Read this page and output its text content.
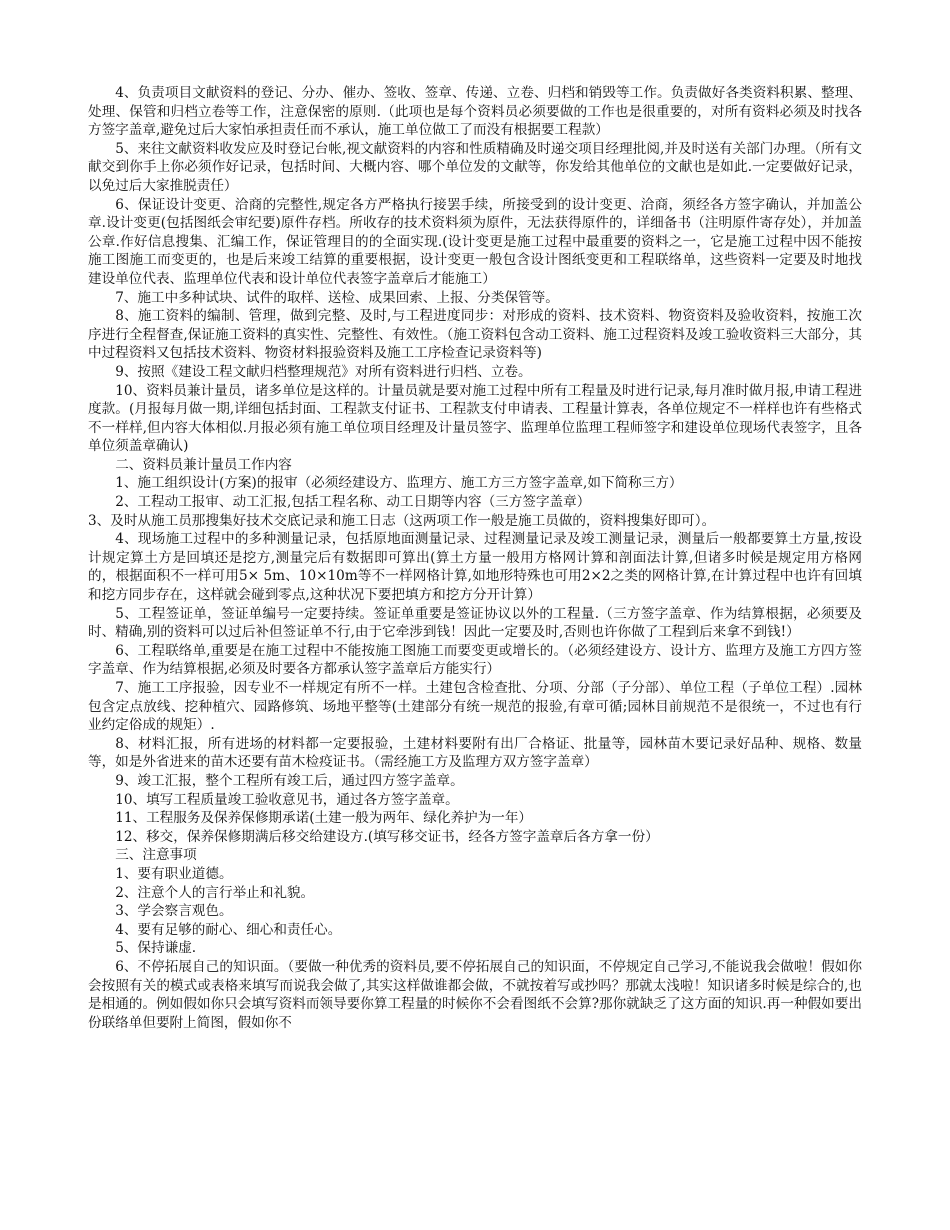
4、负责项目文献资料的登记、分办、催办、签收、签章、传递、立卷、归档和销毁等工作。负责做好各类资料积累、整理、处理、保管和归档立卷等工作，注意保密的原则.（此项也是每个资料员必须要做的工作也是很重要的，对所有资料必须及时找各方签字盖章,避免过后大家怕承担责任而不承认，施工单位做工了而没有根据要工程款）

5、来往文献资料收发应及时登记台帐,视文献资料的内容和性质精确及时递交项目经理批阅,并及时送有关部门办理。（所有文献交到你手上你必须作好记录，包括时间、大概内容、哪个单位发的文献等，你发给其他单位的文献也是如此.一定要做好记录，以免过后大家推脱责任）

6、保证设计变更、洽商的完整性,规定各方严格执行接罢手续，所接受到的设计变更、洽商，须经各方签字确认，并加盖公章.设计变更(包括图纸会审纪要)原件存档。所收存的技术资料须为原件，无法获得原件的，详细备书（注明原件寄存处），并加盖公章.作好信息搜集、汇编工作，保证管理目的的全面实现.(设计变更是施工过程中最重要的资料之一，它是施工过程中因不能按施工图施工而变更的，也是后来竣工结算的重要根据，设计变更一般包含设计图纸变更和工程联络单，这些资料一定要及时地找建设单位代表、监理单位代表和设计单位代表签字盖章后才能施工）

7、施工中多种试块、试件的取样、送检、成果回索、上报、分类保管等。

8、施工资料的编制、管理，做到完整、及时,与工程进度同步：对形成的资料、技术资料、物资资料及验收资料，按施工次序进行全程督查,保证施工资料的真实性、完整性、有效性。（施工资料包含动工资料、施工过程资料及竣工验收资料三大部分，其中过程资料又包括技术资料、物资材料报验资料及施工工序检查记录资料等)

9、按照《建设工程文献归档整理规范》对所有资料进行归档、立卷。

10、资料员兼计量员，诸多单位是这样的。计量员就是要对施工过程中所有工程量及时进行记录,每月准时做月报,申请工程进度款。(月报每月做一期,详细包括封面、工程款支付证书、工程款支付申请表、工程量计算表，各单位规定不一样样也许有些格式不一样样,但内容大体相似.月报必须有施工单位项目经理及计量员签字、监理单位监理工程师签字和建设单位现场代表签字，且各单位须盖章确认)

二、资料员兼计量员工作内容

1、施工组织设计(方案)的报审（必须经建设方、监理方、施工方三方签字盖章,如下简称三方）

2、工程动工报审、动工汇报,包括工程名称、动工日期等内容（三方签字盖章）

3、及时从施工员那搜集好技术交底记录和施工日志（这两项工作一般是施工员做的，资料搜集好即可）。

4、现场施工过程中的多种测量记录，包括原地面测量记录、过程测量记录及竣工测量记录，测量后一般都要算土方量,按设计规定算土方是回填还是挖方,测量完后有数据即可算出(算土方量一般用方格网计算和剖面法计算,但诸多时候是规定用方格网的，根据面积不一样可用5× 5m、10×10m等不一样网格计算,如地形特殊也可用2×2之类的网格计算,在计算过程中也许有回填和挖方同步存在，这样就会碰到零点,这种状况下要把填方和挖方分开计算）

5、工程签证单，签证单编号一定要持续。签证单重要是签证协议以外的工程量.（三方签字盖章、作为结算根据，必须要及时、精确,别的资料可以过后补但签证单不行,由于它牵涉到钱！因此一定要及时,否则也许你做了工程到后来拿不到钱!）

6、工程联络单,重要是在施工过程中不能按施工图施工而要变更或增长的。（必须经建设方、设计方、监理方及施工方四方签字盖章、作为结算根据,必须及时要各方都承认签字盖章后方能实行）

7、施工工序报验，因专业不一样规定有所不一样。土建包含检查批、分项、分部（子分部）、单位工程（子单位工程）.园林包含定点放线、挖种植穴、园路修筑、场地平整等(土建部分有统一规范的报验,有章可循;园林目前规范不是很统一，不过也有行业约定俗成的规矩）.

8、材料汇报，所有进场的材料都一定要报验，土建材料要附有出厂合格证、批量等，园林苗木要记录好品种、规格、数量等，如是外省进来的苗木还要有苗木检疫证书。（需经施工方及监理方双方签字盖章）

9、竣工汇报，整个工程所有竣工后，通过四方签字盖章。

10、填写工程质量竣工验收意见书，通过各方签字盖章。

11、工程服务及保养保修期承诺(土建一般为两年、绿化养护为一年）

12、移交，保养保修期满后移交给建设方.(填写移交证书，经各方签字盖章后各方拿一份）

三、注意事项

1、要有职业道德。

2、注意个人的言行举止和礼貌。

3、学会察言观色。

4、要有足够的耐心、细心和责任心。

5、保持谦虚.

6、不停拓展自己的知识面。（要做一种优秀的资料员,要不停拓展自己的知识面，不停规定自己学习,不能说我会做啦！假如你会按照有关的模式或表格来填写而说我会做了,其实这样做谁都会做，不就按着写或抄吗？那就太浅啦！知识诸多时候是综合的,也是相通的。例如假如你只会填写资料而领导要你算工程量的时候你不会看图纸不会算?那你就缺乏了这方面的知识.再一种假如要出份联络单但要附上简图，假如你不
